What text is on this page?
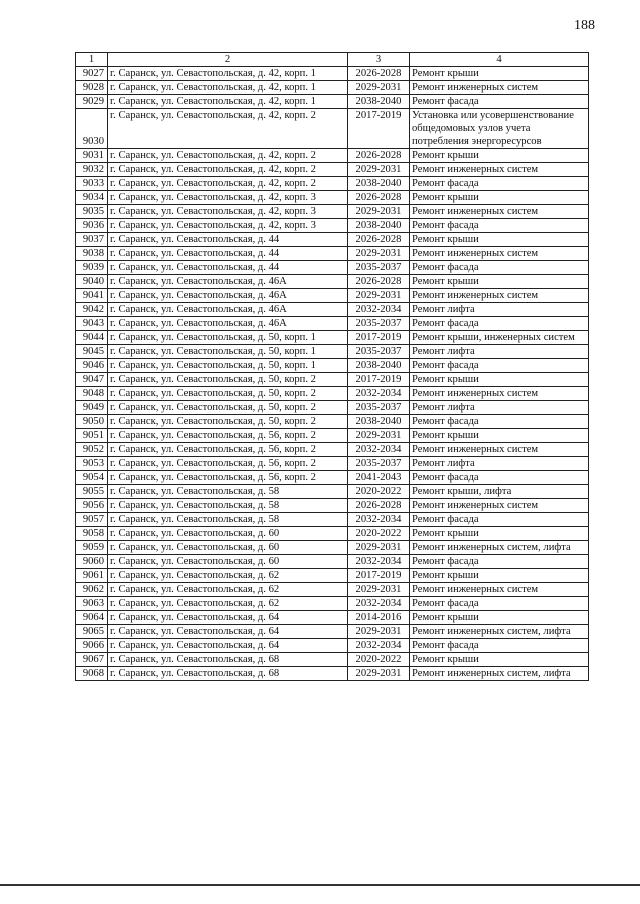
188
1	2	3	4
9027	г. Саранск, ул. Севастопольская, д. 42, корп. 1	2026-2028	Ремонт крыши
9028	г. Саранск, ул. Севастопольская, д. 42, корп. 1	2029-2031	Ремонт инженерных систем
9029	г. Саранск, ул. Севастопольская, д. 42, корп. 1	2038-2040	Ремонт фасада
9030	г. Саранск, ул. Севастопольская, д. 42, корп. 2	2017-2019	Установка или усовершенствование общедомовых узлов учета потребления энергоресурсов
9031	г. Саранск, ул. Севастопольская, д. 42, корп. 2	2026-2028	Ремонт крыши
9032	г. Саранск, ул. Севастопольская, д. 42, корп. 2	2029-2031	Ремонт инженерных систем
9033	г. Саранск, ул. Севастопольская, д. 42, корп. 2	2038-2040	Ремонт фасада
9034	г. Саранск, ул. Севастопольская, д. 42, корп. 3	2026-2028	Ремонт крыши
9035	г. Саранск, ул. Севастопольская, д. 42, корп. 3	2029-2031	Ремонт инженерных систем
9036	г. Саранск, ул. Севастопольская, д. 42, корп. 3	2038-2040	Ремонт фасада
9037	г. Саранск, ул. Севастопольская, д. 44	2026-2028	Ремонт крыши
9038	г. Саранск, ул. Севастопольская, д. 44	2029-2031	Ремонт инженерных систем
9039	г. Саранск, ул. Севастопольская, д. 44	2035-2037	Ремонт фасада
9040	г. Саранск, ул. Севастопольская, д. 46А	2026-2028	Ремонт крыши
9041	г. Саранск, ул. Севастопольская, д. 46А	2029-2031	Ремонт инженерных систем
9042	г. Саранск, ул. Севастопольская, д. 46А	2032-2034	Ремонт лифта
9043	г. Саранск, ул. Севастопольская, д. 46А	2035-2037	Ремонт фасада
9044	г. Саранск, ул. Севастопольская, д. 50, корп. 1	2017-2019	Ремонт крыши, инженерных систем
9045	г. Саранск, ул. Севастопольская, д. 50, корп. 1	2035-2037	Ремонт лифта
9046	г. Саранск, ул. Севастопольская, д. 50, корп. 1	2038-2040	Ремонт фасада
9047	г. Саранск, ул. Севастопольская, д. 50, корп. 2	2017-2019	Ремонт крыши
9048	г. Саранск, ул. Севастопольская, д. 50, корп. 2	2032-2034	Ремонт инженерных систем
9049	г. Саранск, ул. Севастопольская, д. 50, корп. 2	2035-2037	Ремонт лифта
9050	г. Саранск, ул. Севастопольская, д. 50, корп. 2	2038-2040	Ремонт фасада
9051	г. Саранск, ул. Севастопольская, д. 56, корп. 2	2029-2031	Ремонт крыши
9052	г. Саранск, ул. Севастопольская, д. 56, корп. 2	2032-2034	Ремонт инженерных систем
9053	г. Саранск, ул. Севастопольская, д. 56, корп. 2	2035-2037	Ремонт лифта
9054	г. Саранск, ул. Севастопольская, д. 56, корп. 2	2041-2043	Ремонт фасада
9055	г. Саранск, ул. Севастопольская, д. 58	2020-2022	Ремонт крыши, лифта
9056	г. Саранск, ул. Севастопольская, д. 58	2026-2028	Ремонт инженерных систем
9057	г. Саранск, ул. Севастопольская, д. 58	2032-2034	Ремонт фасада
9058	г. Саранск, ул. Севастопольская, д. 60	2020-2022	Ремонт крыши
9059	г. Саранск, ул. Севастопольская, д. 60	2029-2031	Ремонт инженерных систем, лифта
9060	г. Саранск, ул. Севастопольская, д. 60	2032-2034	Ремонт фасада
9061	г. Саранск, ул. Севастопольская, д. 62	2017-2019	Ремонт крыши
9062	г. Саранск, ул. Севастопольская, д. 62	2029-2031	Ремонт инженерных систем
9063	г. Саранск, ул. Севастопольская, д. 62	2032-2034	Ремонт фасада
9064	г. Саранск, ул. Севастопольская, д. 64	2014-2016	Ремонт крыши
9065	г. Саранск, ул. Севастопольская, д. 64	2029-2031	Ремонт инженерных систем, лифта
9066	г. Саранск, ул. Севастопольская, д. 64	2032-2034	Ремонт фасада
9067	г. Саранск, ул. Севастопольская, д. 68	2020-2022	Ремонт крыши
9068	г. Саранск, ул. Севастопольская, д. 68	2029-2031	Ремонт инженерных систем, лифта
